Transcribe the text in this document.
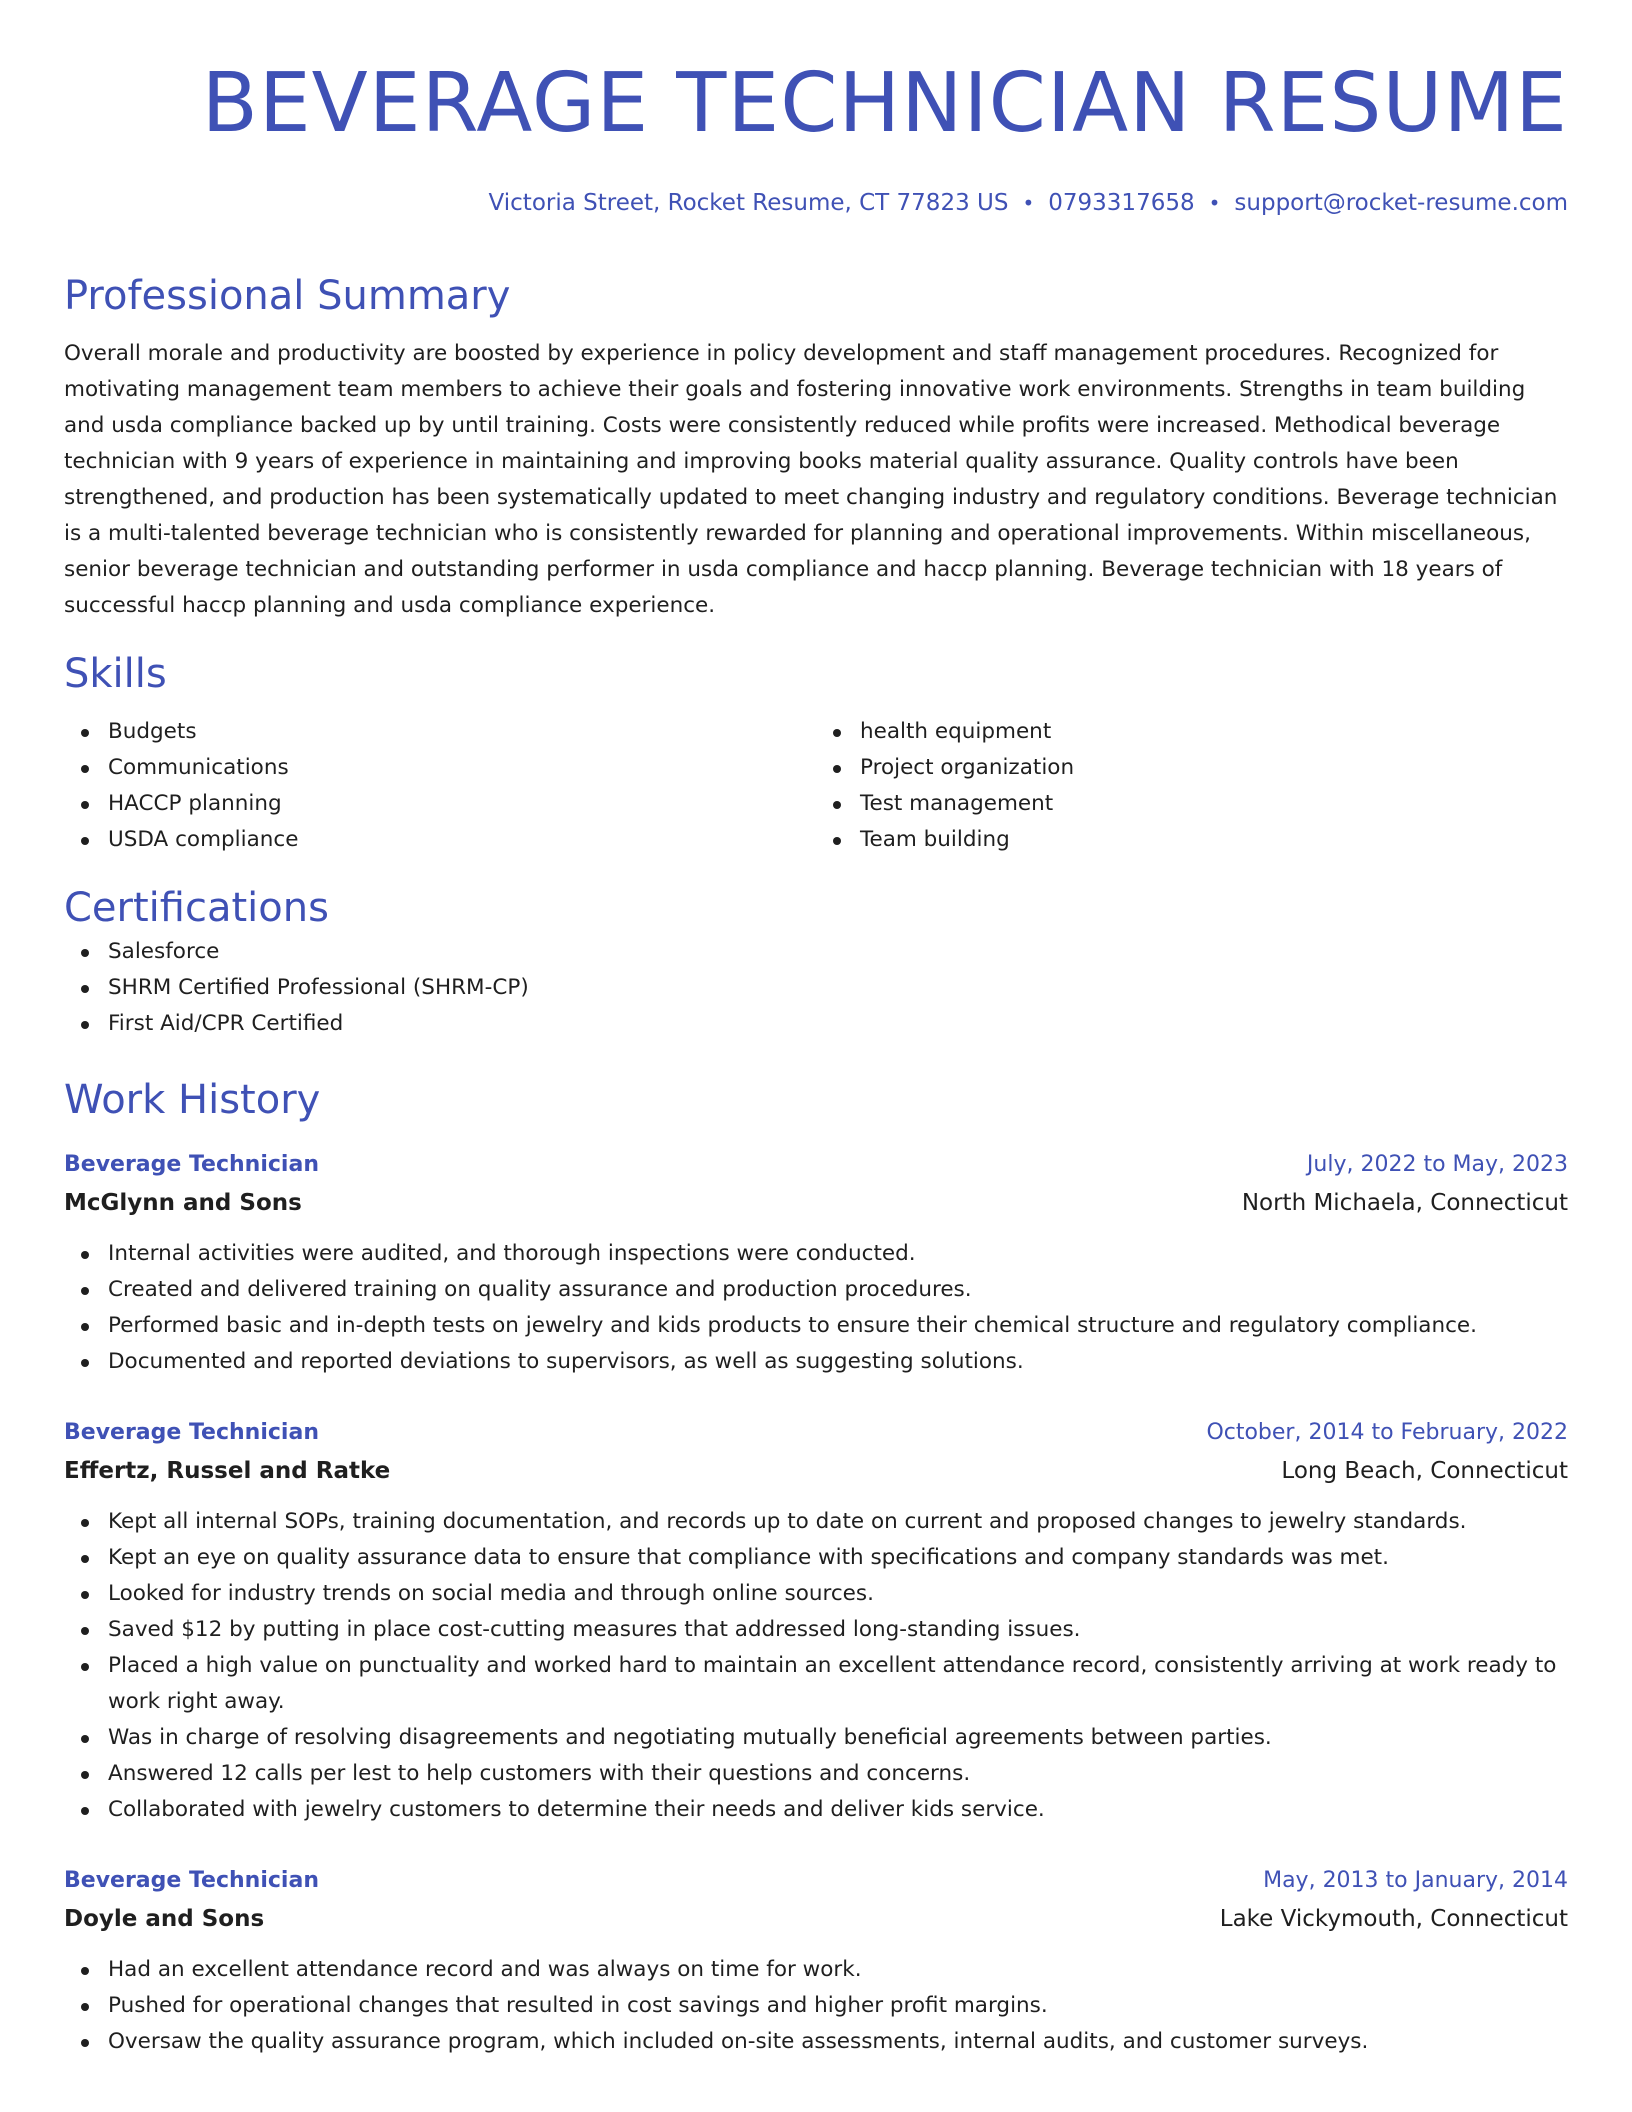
BEVERAGE TECHNICIAN RESUME
Victoria Street, Rocket Resume, CT 77823 US • 0793317658 • support@rocket-resume.com
Professional Summary
Overall morale and productivity are boosted by experience in policy development and staff management procedures. Recognized for motivating management team members to achieve their goals and fostering innovative work environments. Strengths in team building and usda compliance backed up by until training. Costs were consistently reduced while profits were increased. Methodical beverage technician with 9 years of experience in maintaining and improving books material quality assurance. Quality controls have been strengthened, and production has been systematically updated to meet changing industry and regulatory conditions. Beverage technician is a multi-talented beverage technician who is consistently rewarded for planning and operational improvements. Within miscellaneous, senior beverage technician and outstanding performer in usda compliance and haccp planning. Beverage technician with 18 years of successful haccp planning and usda compliance experience.
Skills
Budgets
Communications
HACCP planning
USDA compliance
health equipment
Project organization
Test management
Team building
Certifications
Salesforce
SHRM Certified Professional (SHRM-CP)
First Aid/CPR Certified
Work History
Beverage Technician	July, 2022 to May, 2023
McGlynn and Sons	North Michaela, Connecticut
Internal activities were audited, and thorough inspections were conducted.
Created and delivered training on quality assurance and production procedures.
Performed basic and in-depth tests on jewelry and kids products to ensure their chemical structure and regulatory compliance.
Documented and reported deviations to supervisors, as well as suggesting solutions.
Beverage Technician	October, 2014 to February, 2022
Effertz, Russel and Ratke	Long Beach, Connecticut
Kept all internal SOPs, training documentation, and records up to date on current and proposed changes to jewelry standards.
Kept an eye on quality assurance data to ensure that compliance with specifications and company standards was met.
Looked for industry trends on social media and through online sources.
Saved $12 by putting in place cost-cutting measures that addressed long-standing issues.
Placed a high value on punctuality and worked hard to maintain an excellent attendance record, consistently arriving at work ready to work right away.
Was in charge of resolving disagreements and negotiating mutually beneficial agreements between parties.
Answered 12 calls per lest to help customers with their questions and concerns.
Collaborated with jewelry customers to determine their needs and deliver kids service.
Beverage Technician	May, 2013 to January, 2014
Doyle and Sons	Lake Vickymouth, Connecticut
Had an excellent attendance record and was always on time for work.
Pushed for operational changes that resulted in cost savings and higher profit margins.
Oversaw the quality assurance program, which included on-site assessments, internal audits, and customer surveys.
